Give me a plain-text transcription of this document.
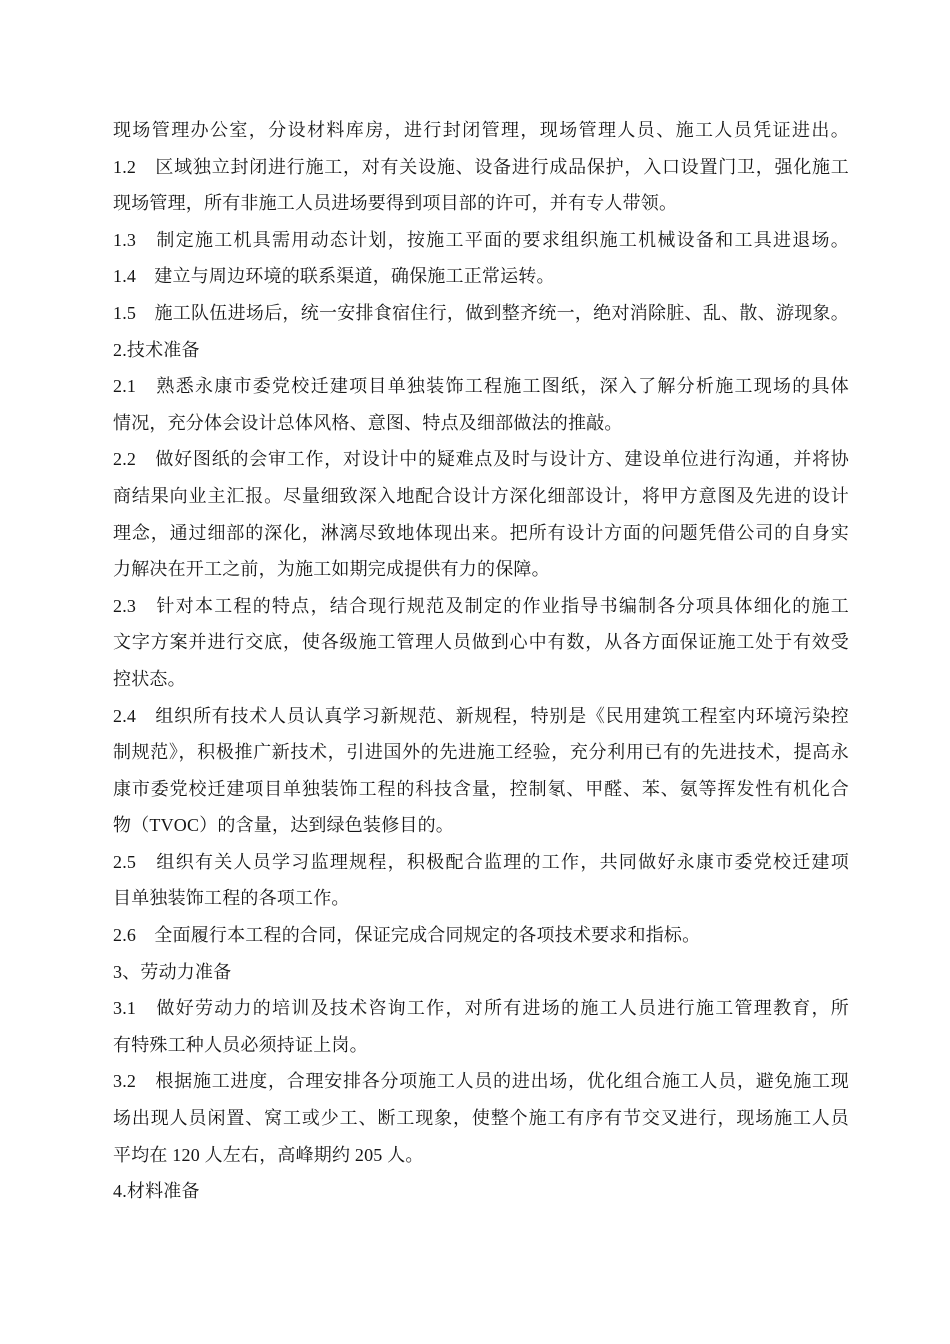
现场管理办公室，分设材料库房，进行封闭管理，现场管理人员、施工人员凭证进出。
1.2　区域独立封闭进行施工，对有关设施、设备进行成品保护，入口设置门卫，强化施工
现场管理，所有非施工人员进场要得到项目部的许可，并有专人带领。
1.3　制定施工机具需用动态计划，按施工平面的要求组织施工机械设备和工具进退场。
1.4　建立与周边环境的联系渠道，确保施工正常运转。
1.5　施工队伍进场后，统一安排食宿住行，做到整齐统一，绝对消除脏、乱、散、游现象。
2.技术准备
2.1　熟悉永康市委党校迁建项目单独装饰工程施工图纸，深入了解分析施工现场的具体
情况，充分体会设计总体风格、意图、特点及细部做法的推敲。
2.2　做好图纸的会审工作，对设计中的疑难点及时与设计方、建设单位进行沟通，并将协
商结果向业主汇报。尽量细致深入地配合设计方深化细部设计，将甲方意图及先进的设计
理念，通过细部的深化，淋漓尽致地体现出来。把所有设计方面的问题凭借公司的自身实
力解决在开工之前，为施工如期完成提供有力的保障。
2.3　针对本工程的特点，结合现行规范及制定的作业指导书编制各分项具体细化的施工
文字方案并进行交底，使各级施工管理人员做到心中有数，从各方面保证施工处于有效受
控状态。
2.4　组织所有技术人员认真学习新规范、新规程，特别是《民用建筑工程室内环境污染控
制规范》，积极推广新技术，引进国外的先进施工经验，充分利用已有的先进技术，提高永
康市委党校迁建项目单独装饰工程的科技含量，控制氡、甲醛、苯、氨等挥发性有机化合
物（TVOC）的含量，达到绿色装修目的。
2.5　组织有关人员学习监理规程，积极配合监理的工作，共同做好永康市委党校迁建项
目单独装饰工程的各项工作。
2.6　全面履行本工程的合同，保证完成合同规定的各项技术要求和指标。
3、劳动力准备
3.1　做好劳动力的培训及技术咨询工作，对所有进场的施工人员进行施工管理教育，所
有特殊工种人员必须持证上岗。
3.2　根据施工进度，合理安排各分项施工人员的进出场，优化组合施工人员，避免施工现
场出现人员闲置、窝工或少工、断工现象，使整个施工有序有节交叉进行，现场施工人员
平均在 120 人左右，高峰期约 205 人。
4.材料准备
